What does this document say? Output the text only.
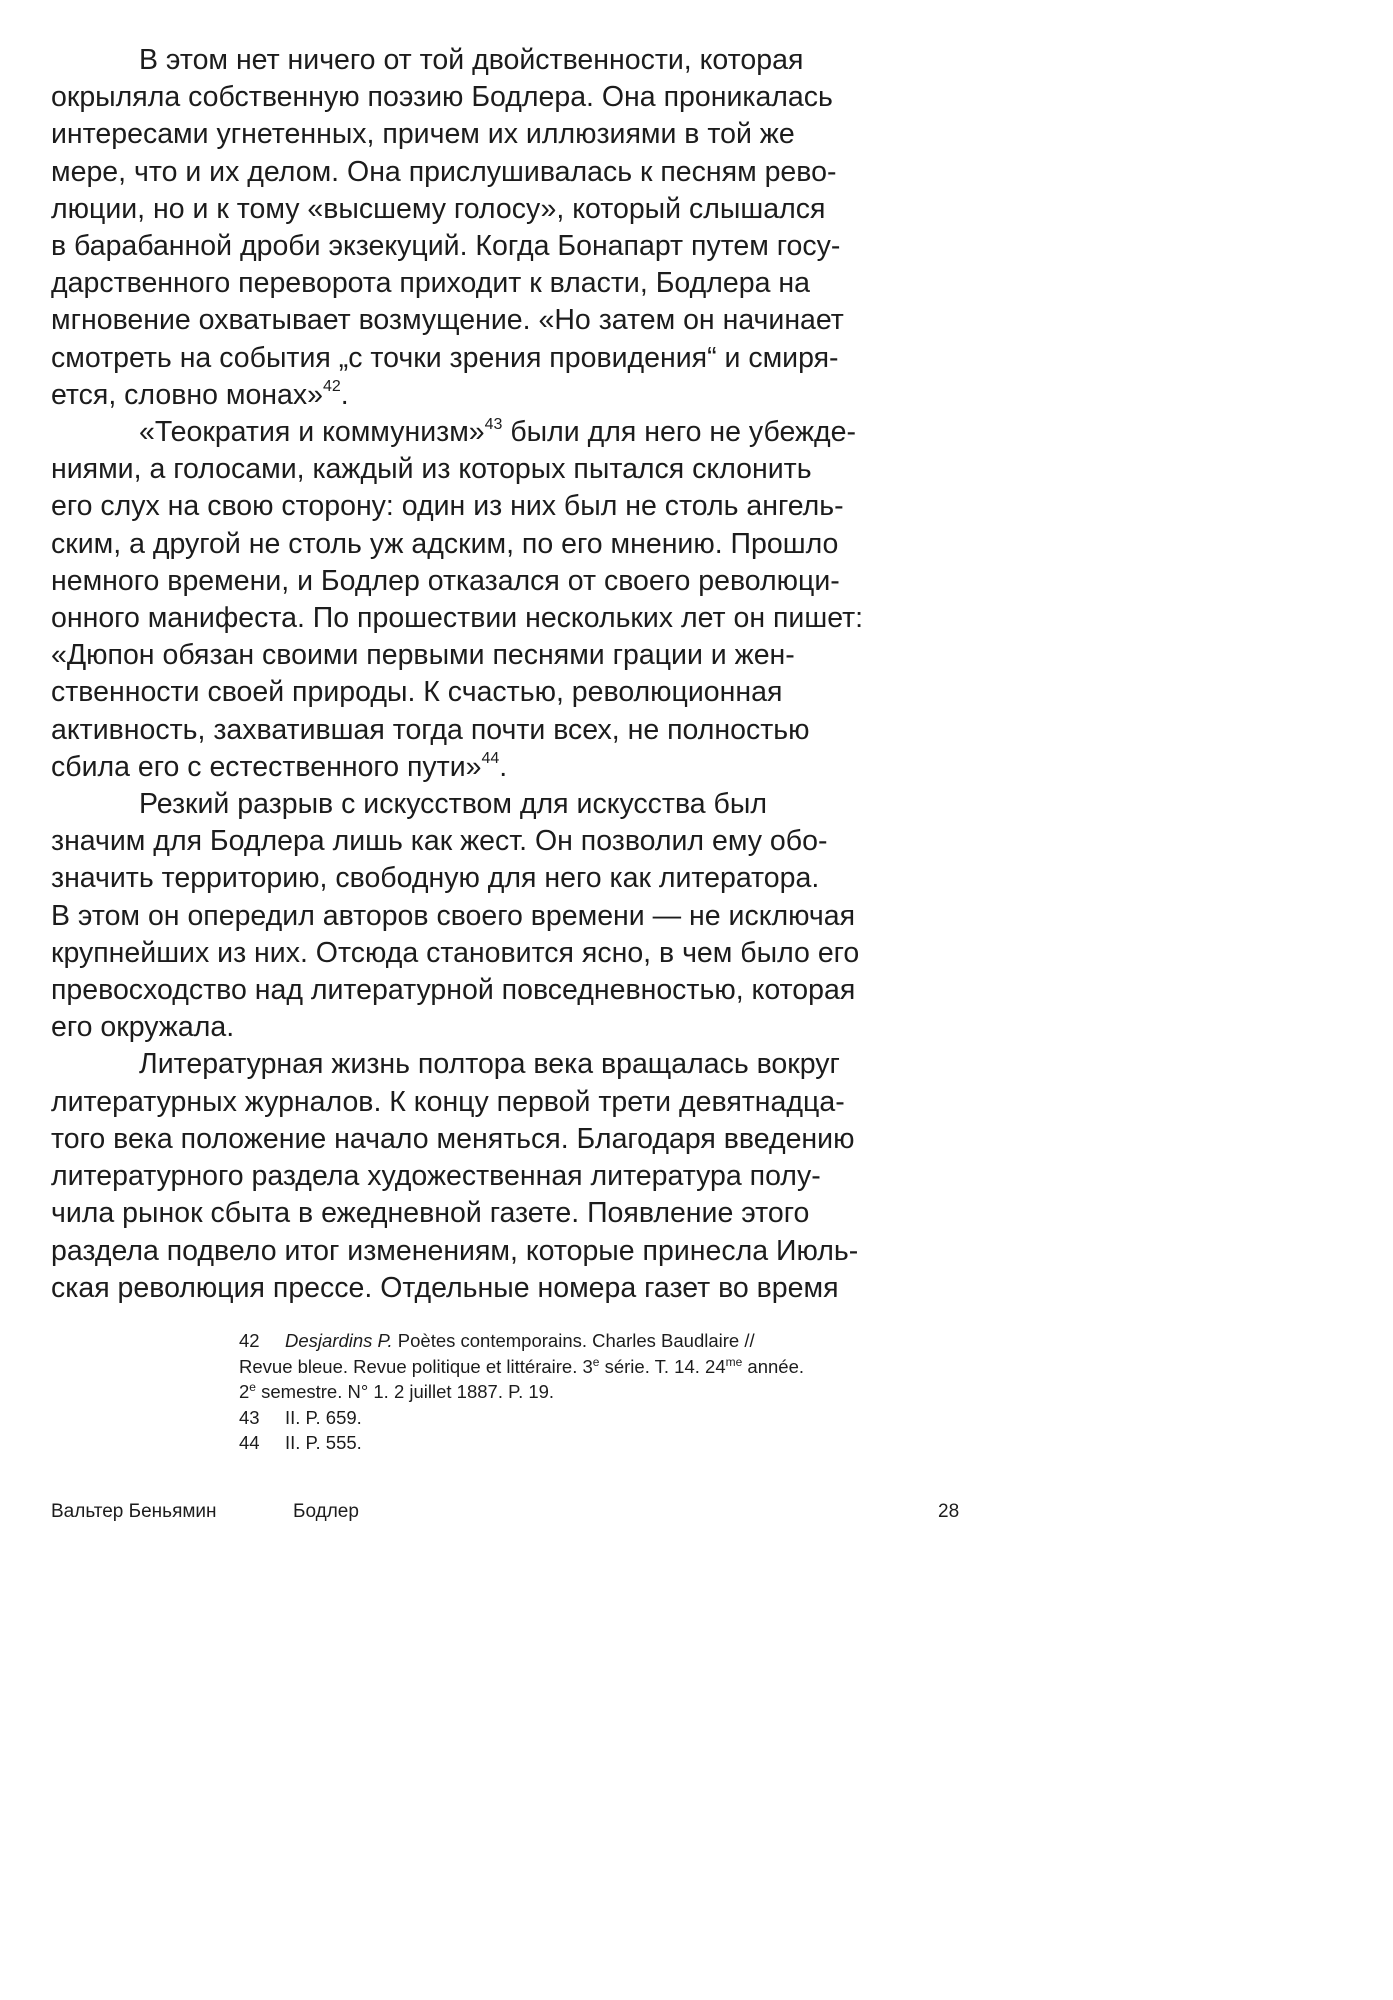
В этом нет ничего от той двойственности, которая
окрыляла собственную поэзию Бодлера. Она проникалась
интересами угнетенных, причем их иллюзиями в той же
мере, что и их делом. Она прислушивалась к песням рево-
люции, но и к тому «высшему голосу», который слышался
в барабанной дроби экзекуций. Когда Бонапарт путем госу-
дарственного переворота приходит к власти, Бодлера на
мгновение охватывает возмущение. «Но затем он начинает
смотреть на события „с точки зрения провидения“ и смиря-
ется, словно монах»$^{42}$.
«Теократия и коммунизм»$^{43}$ были для него не убежде-
ниями, а голосами, каждый из которых пытался склонить
его слух на свою сторону: один из них был не столь ангель-
ским, а другой не столь уж адским, по его мнению. Прошло
немного времени, и Бодлер отказался от своего революци-
онного манифеста. По прошествии нескольких лет он пишет:
«Дюпон обязан своими первыми песнями грации и жен-
ственности своей природы. К счастью, революционная
активность, захватившая тогда почти всех, не полностью
сбила его с естественного пути»$^{44}$.
Резкий разрыв с искусством для искусства был
значим для Бодлера лишь как жест. Он позволил ему обо-
значить территорию, свободную для него как литератора.
В этом он опередил авторов своего времени — не исключая
крупнейших из них. Отсюда становится ясно, в чем было его
превосходство над литературной повседневностью, которая
его окружала.
Литературная жизнь полтора века вращалась вокруг
литературных журналов. К концу первой трети девятнадца-
того века положение начало меняться. Благодаря введению
литературного раздела художественная литература полу-
чила рынок сбыта в ежедневной газете. Появление этого
раздела подвело итог изменениям, которые принесла Июль-
ская революция прессе. Отдельные номера газет во время
42 Desjardins P. Poètes contemporains. Charles Baudlaire //
Revue bleue. Revue politique et littéraire. 3e série. T. 14. 24$^{me}$ année.
2e semestre. N° 1. 2 juillet 1887. P. 19.
43 II. P. 659.
44 II. P. 555.
Вальтер Беньямин	Бодлер	28
